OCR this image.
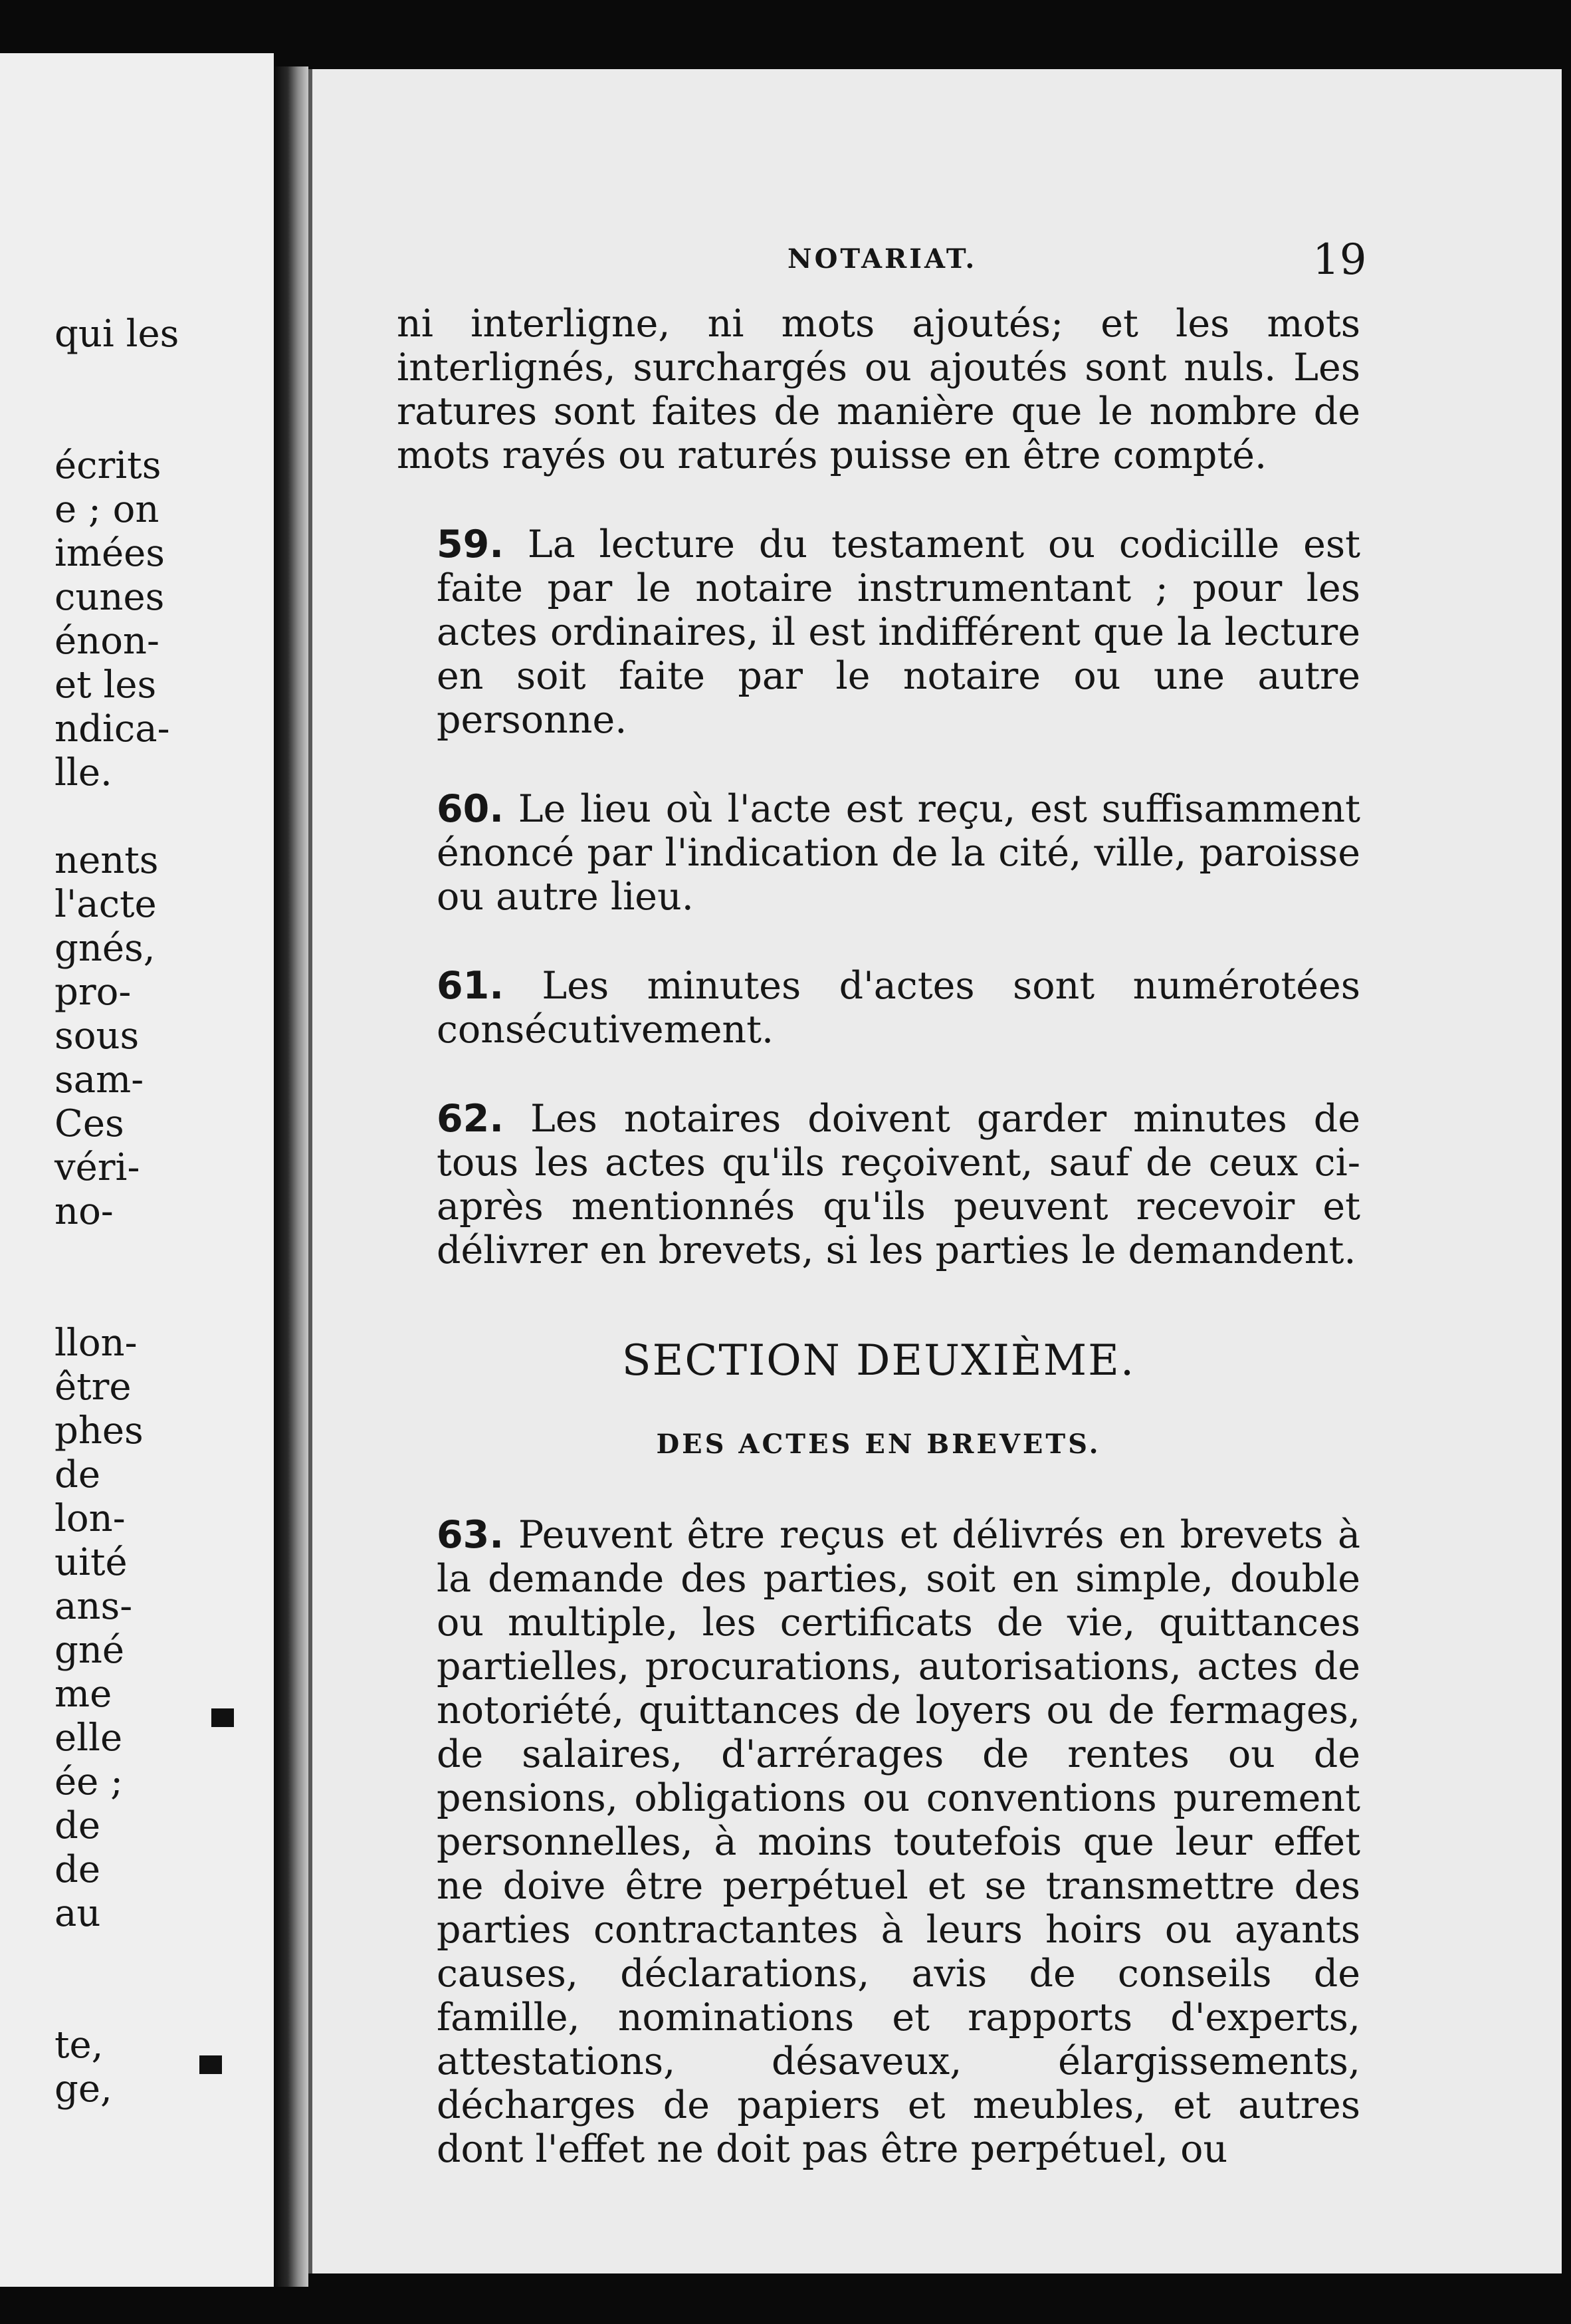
qui les
écrits
e ; on
imées
cunes
énon-
et les
ndica-
lle.
nents
l'acte
gnés,
pro-
sous
sam-
Ces
véri-
no-
llon-
être
phes
de
lon-
uité
ans-
gné
me
elle
ée ;
de
de
au
te,
ge,
NOTARIAT.	19

ni interligne, ni mots ajoutés; et les mots interlignés, surchargés ou ajoutés sont nuls. Les ratures sont faites de manière que le nombre de mots rayés ou raturés puisse en être compté.

59. La lecture du testament ou codicille est faite par le notaire instrumentant ; pour les actes ordinaires, il est indifférent que la lecture en soit faite par le notaire ou une autre personne.

60. Le lieu où l'acte est reçu, est suffisamment énoncé par l'indication de la cité, ville, paroisse ou autre lieu.

61. Les minutes d'actes sont numérotées consécutivement.

62. Les notaires doivent garder minutes de tous les actes qu'ils reçoivent, sauf de ceux ci-après mentionnés qu'ils peuvent recevoir et délivrer en brevets, si les parties le demandent.

SECTION DEUXIÈME.
DES ACTES EN BREVETS.

63. Peuvent être reçus et délivrés en brevets à la demande des parties, soit en simple, double ou multiple, les certificats de vie, quittances partielles, procurations, autorisations, actes de notoriété, quittances de loyers ou de fermages, de salaires, d'arrérages de rentes ou de pensions, obligations ou conventions purement personnelles, à moins toutefois que leur effet ne doive être perpétuel et se transmettre des parties contractantes à leurs hoirs ou ayants causes, déclarations, avis de conseils de famille, nominations et rapports d'experts, attestations, désaveux, élargissements, décharges de papiers et meubles, et autres dont l'effet ne doit pas être perpétuel, ou
